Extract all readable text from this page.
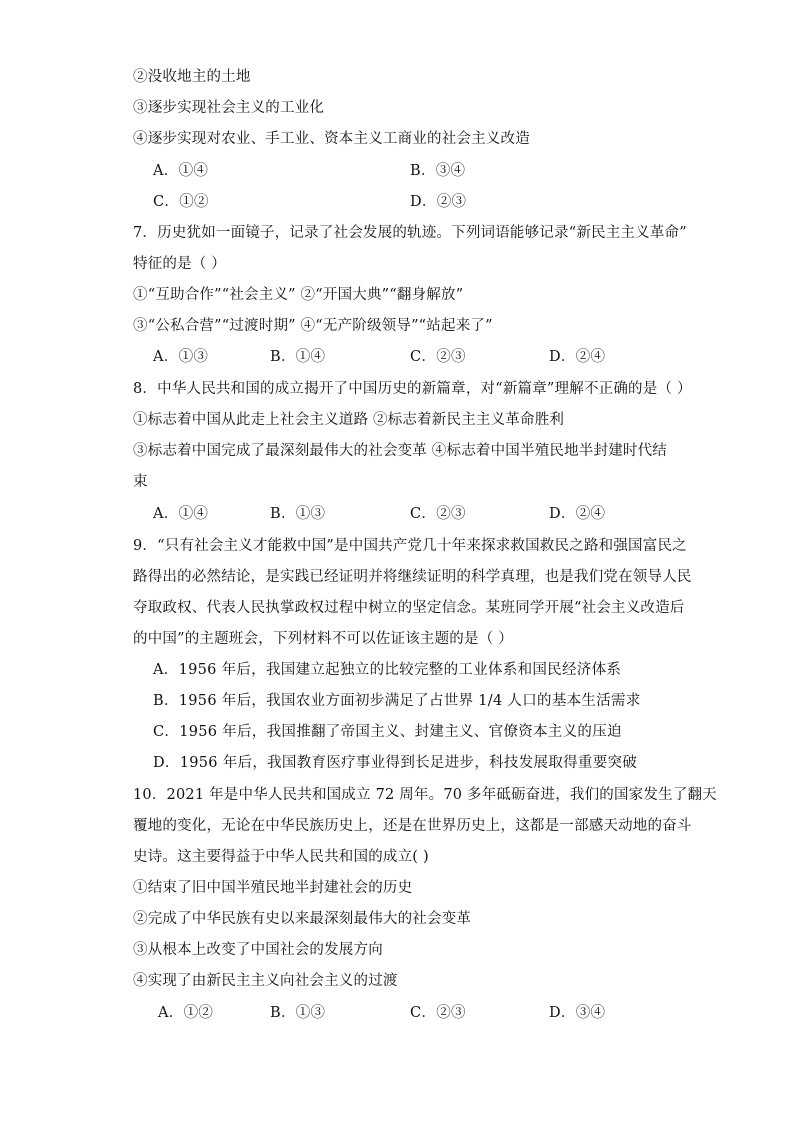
②没收地主的土地
③逐步实现社会主义的工业化
④逐步实现对农业、手工业、资本主义工商业的社会主义改造
A．①④	B．③④
C．①②	D．②③
7．历史犹如一面镜子，记录了社会发展的轨迹。下列词语能够记录“新民主主义革命”
特征的是（ ）
①“互助合作”“社会主义” ②“开国大典”“翻身解放”
③“公私合营”“过渡时期” ④“无产阶级领导”“站起来了”
A．①③	B．①④	C．②③	D．②④
8．中华人民共和国的成立揭开了中国历史的新篇章，对“新篇章”理解不正确的是（ ）
①标志着中国从此走上社会主义道路 ②标志着新民主主义革命胜利
③标志着中国完成了最深刻最伟大的社会变革 ④标志着中国半殖民地半封建时代结
束
A．①④	B．①③	C．②③	D．②④
9．“只有社会主义才能救中国”是中国共产党几十年来探求救国救民之路和强国富民之
路得出的必然结论，是实践已经证明并将继续证明的科学真理，也是我们党在领导人民
夺取政权、代表人民执掌政权过程中树立的坚定信念。某班同学开展“社会主义改造后
的中国”的主题班会，下列材料不可以佐证该主题的是（ ）
A．1956 年后，我国建立起独立的比较完整的工业体系和国民经济体系
B．1956 年后，我国农业方面初步满足了占世界 1/4 人口的基本生活需求
C．1956 年后，我国推翻了帝国主义、封建主义、官僚资本主义的压迫
D．1956 年后，我国教育医疗事业得到长足进步，科技发展取得重要突破
10．2021 年是中华人民共和国成立 72 周年。70 多年砥砺奋进，我们的国家发生了翻天
覆地的变化，无论在中华民族历史上，还是在世界历史上，这都是一部感天动地的奋斗
史诗。这主要得益于中华人民共和国的成立( )
①结束了旧中国半殖民地半封建社会的历史
②完成了中华民族有史以来最深刻最伟大的社会变革
③从根本上改变了中国社会的发展方向
④实现了由新民主主义向社会主义的过渡
A．①②	B．①③	C．②③	D．③④
